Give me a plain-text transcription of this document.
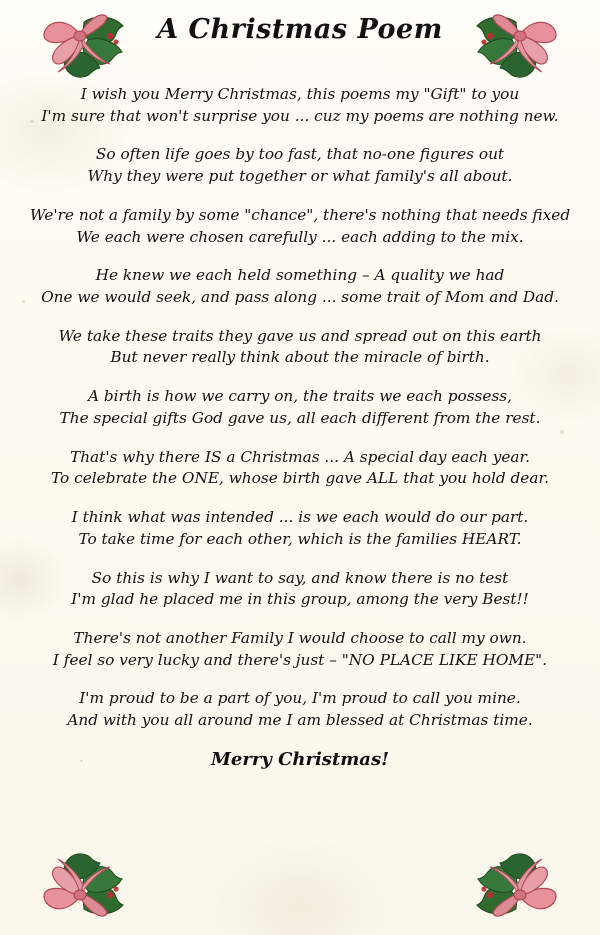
A Christmas Poem
I wish you Merry Christmas, this poems my "Gift" to you
I'm sure that won't surprise you ... cuz my poems are nothing new.
So often life goes by too fast, that no-one figures out
Why they were put together or what family's all about.
We're not a family by some "chance", there's nothing that needs fixed
We each were chosen carefully ... each adding to the mix.
He knew we each held something – A quality we had
One we would seek, and pass along ... some trait of Mom and Dad.
We take these traits they gave us and spread out on this earth
But never really think about the miracle of birth.
A birth is how we carry on, the traits we each possess,
The special gifts God gave us, all each different from the rest.
That's why there IS a Christmas ... A special day each year.
To celebrate the ONE, whose birth gave ALL that you hold dear.
I think what was intended ... is we each would do our part.
To take time for each other, which is the families HEART.
So this is why I want to say, and know there is no test
I'm glad he placed me in this group, among the very Best!!
There's not another Family I would choose to call my own.
I feel so very lucky and there's just – "NO PLACE LIKE HOME".
I'm proud to be a part of you, I'm proud to call you mine.
And with you all around me I am blessed at Christmas time.
Merry Christmas!
